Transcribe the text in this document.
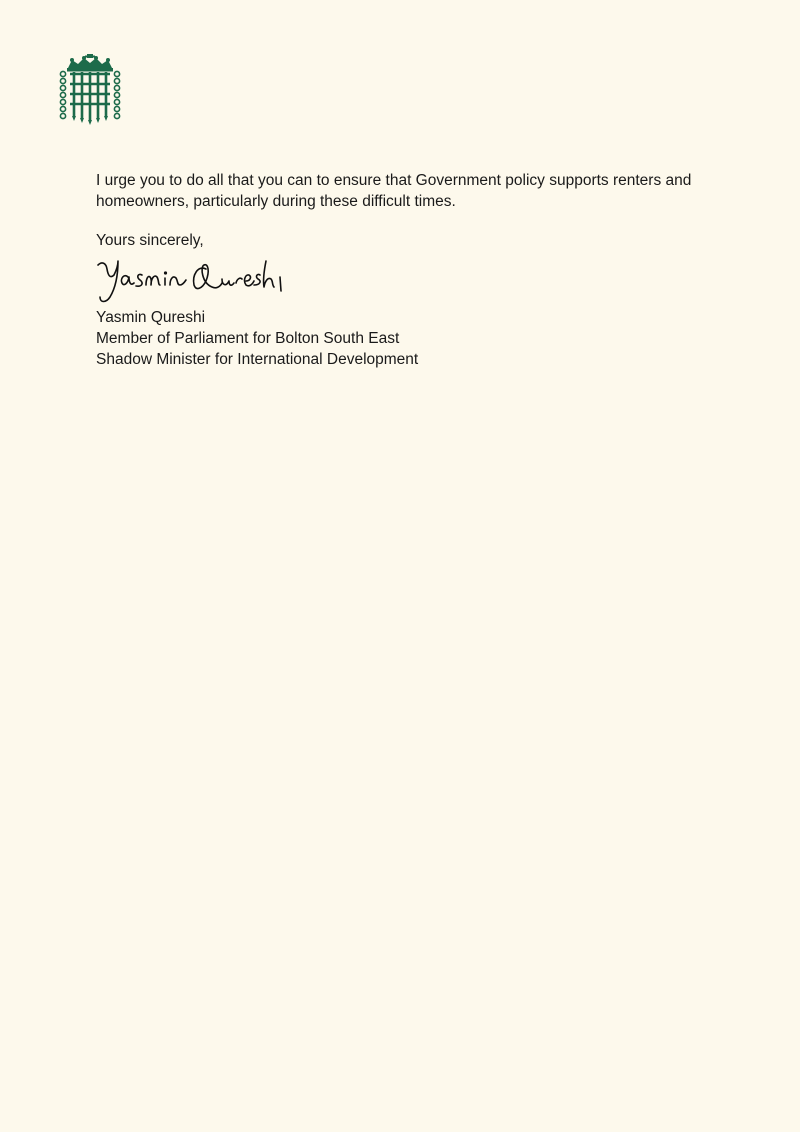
I urge you to do all that you can to ensure that Government policy supports renters and homeowners, particularly during these difficult times.

Yours sincerely,

Yasmin Qureshi
Member of Parliament for Bolton South East
Shadow Minister for International Development
